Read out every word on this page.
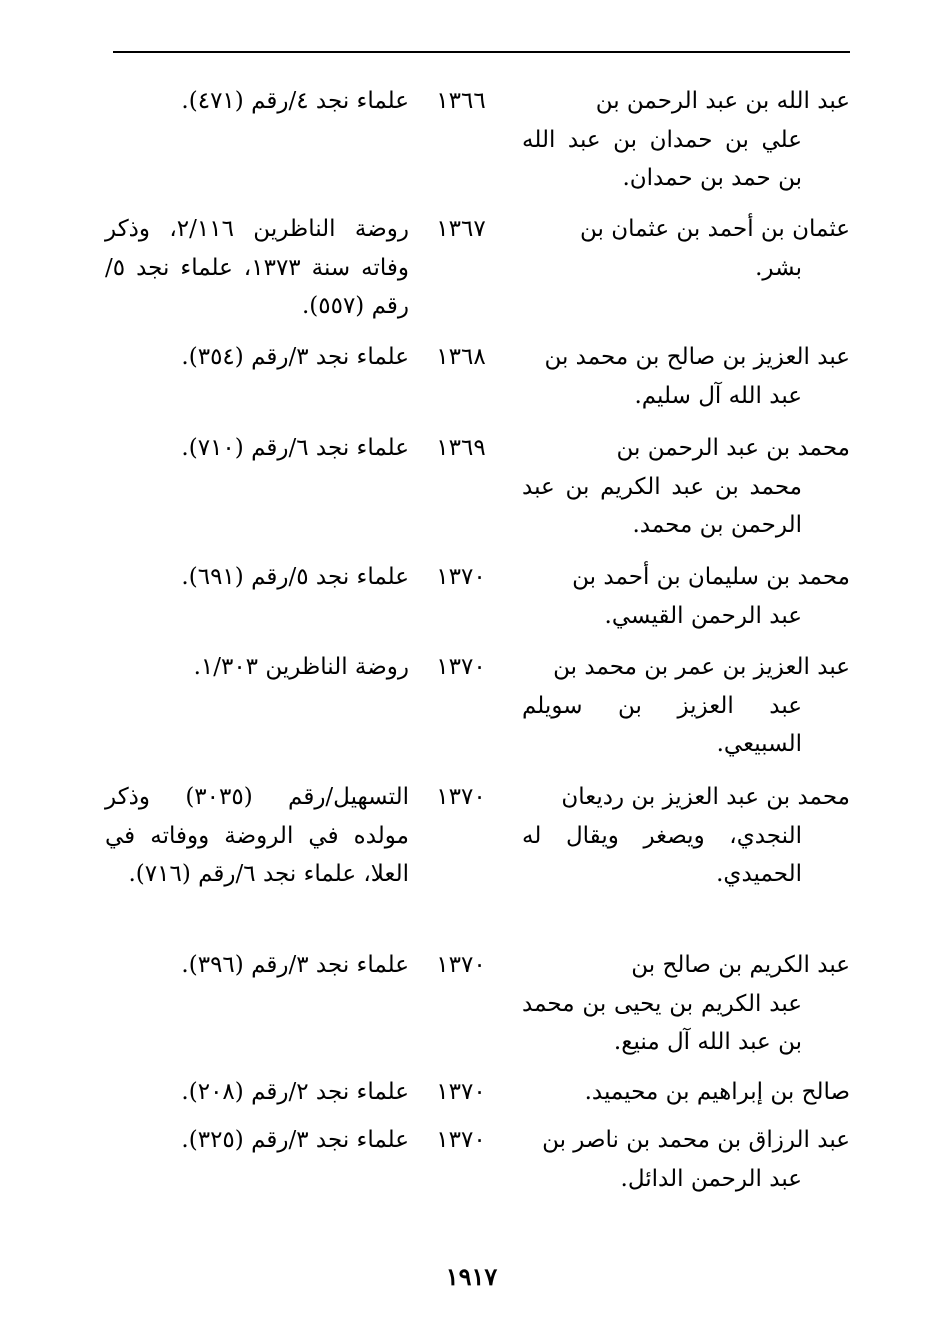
عبد الله بن عبد الرحمن بن
علي بن حمدان بن عبد الله بن حمد بن حمدان.
١٣٦٦
علماء نجد ٤/رقم (٤٧١).
عثمان بن أحمد بن عثمان بن
بشر.
١٣٦٧
روضة الناظرين ٢/١١٦، وذكر وفاته سنة ١٣٧٣، علماء نجد ٥/رقم (٥٥٧).
عبد العزيز بن صالح بن محمد بن
عبد الله آل سليم.
١٣٦٨
علماء نجد ٣/رقم (٣٥٤).
محمد بن عبد الرحمن بن
محمد بن عبد الكريم بن عبد الرحمن بن محمد.
١٣٦٩
علماء نجد ٦/رقم (٧١٠).
محمد بن سليمان بن أحمد بن
عبد الرحمن القيسي.
١٣٧٠
علماء نجد ٥/رقم (٦٩١).
عبد العزيز بن عمر بن محمد بن
عبد العزيز بن سويلم السبيعي.
١٣٧٠
روضة الناظرين ١/٣٠٣.
محمد بن عبد العزيز بن رديعان
النجدي، ويصغر ويقال له الحميدي.
١٣٧٠
التسهيل/رقم (٣٠٣٥) وذكر مولده في الروضة ووفاته في العلا، علماء نجد ٦/رقم (٧١٦).
عبد الكريم بن صالح بن
عبد الكريم بن يحيى بن محمد بن عبد الله آل منيع.
١٣٧٠
علماء نجد ٣/رقم (٣٩٦).
صالح بن إبراهيم بن محيميد.
١٣٧٠
علماء نجد ٢/رقم (٢٠٨).
عبد الرزاق بن محمد بن ناصر بن
عبد الرحمن الدائل.
١٣٧٠
علماء نجد ٣/رقم (٣٢٥).
١٩١٧
